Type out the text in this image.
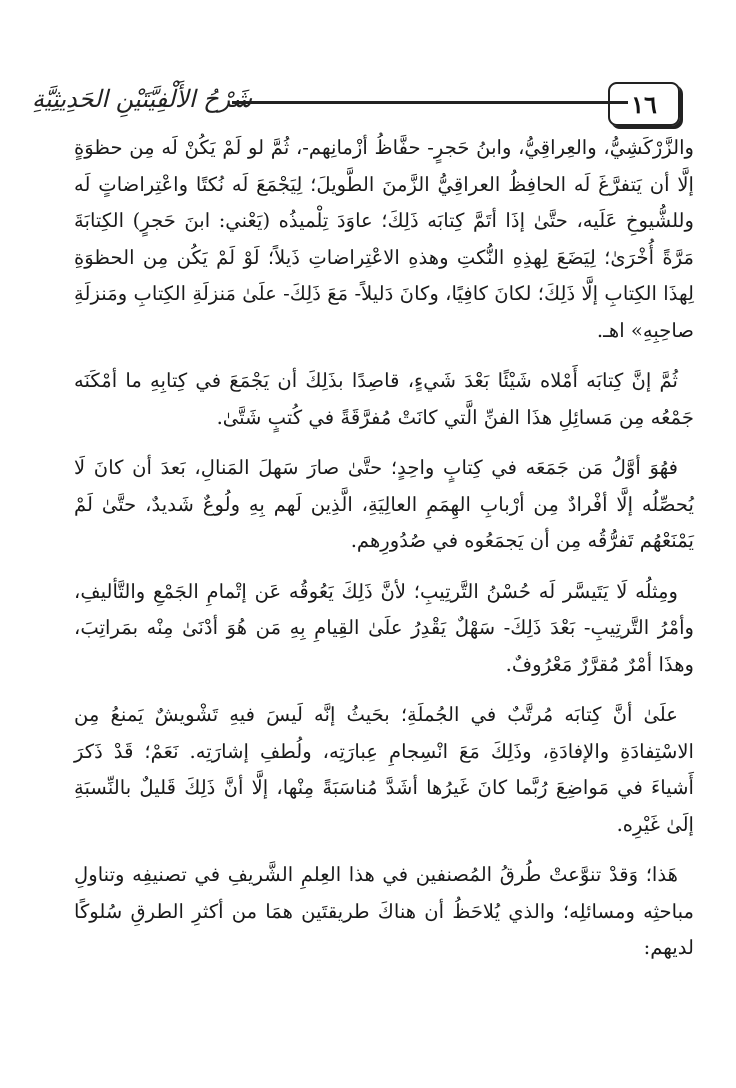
شَرْحُ الأَلْفِيَّتَيْنِ الحَدِيثِيَّةِ	١٦

والزَّرْكَشِيُّ، والعِراقِيُّ، وابنُ حَجرٍ- حفَّاظُ أزْمانِهم-، ثُمَّ لو لَمْ يَكُنْ لَه مِن حظوَةٍ إلَّا أن يَتفرَّغَ لَه الحافِظُ العراقِيُّ الزَّمنَ الطَّويلَ؛ لِيَجْمَعَ لَه نُكتًا واعْتِراضاتٍ لَه وللشُّيوخِ عَلَيه، حتَّىٰ إذَا أتَمَّ كِتابَه ذَلِكَ؛ عاوَدَ تِلْميذُه (يَعْني: ابنَ حَجرٍ) الكِتابَةَ مَرَّةً أُخْرَىٰ؛ لِيَضَعَ لِهذِهِ النُّكتِ وهذهِ الاعْتِراضاتِ ذَيلاً؛ لَوْ لَمْ يَكُن مِن الحظوَةِ لِهذَا الكِتابِ إلَّا ذَلِكَ؛ لكانَ كافِيًا، وكانَ دَليلاً- مَعَ ذَلِكَ- علَىٰ مَنزلَةِ الكِتابِ ومَنزلَةِ صاحِبِهِ» اهـ.

ثُمَّ إنَّ كِتابَه أَمْلاه شَيْئًا بَعْدَ شَيءٍ، قاصِدًا بذَلِكَ أن يَجْمَعَ في كِتابِهِ ما أمْكَنَه جَمْعُه مِن مَسائِلِ هذَا الفنِّ الَّتي كانَتْ مُفرَّقَةً في كُتبٍ شَتَّىٰ.

فهُوَ أوَّلُ مَن جَمَعَه في كِتابٍ واحِدٍ؛ حتَّىٰ صارَ سَهلَ المَنالِ، بَعدَ أن كانَ لَا يُحصِّلُه إلَّا أفْرادٌ مِن أرْبابِ الهِمَمِ العالِيَةِ، الَّذِين لَهم بِهِ ولُوعٌ شَديدٌ، حتَّىٰ لَمْ يَمْنَعْهُم تَفرُّقُه مِن أن يَجمَعُوه في صُدُورِهم.

ومِثلُه لَا يَتَيسَّر لَه حُسْنُ التَّرتِيبِ؛ لأنَّ ذَلِكَ يَعُوقُه عَن إتْمامِ الجَمْعِ والتَّأليفِ، وأمْرُ التَّرتِيبِ- بَعْدَ ذَلِكَ- سَهْلٌ يَقْدِرُ علَىٰ القِيامِ بِهِ مَن هُوَ أدْنَىٰ مِنْه بمَراتِبَ، وهذَا أمْرٌ مُقرَّرٌ مَعْرُوفٌ.

علَىٰ أنَّ كِتابَه مُرتَّبٌ في الجُملَةِ؛ بحَيثُ إنَّه لَيسَ فيهِ تَشْويشٌ يَمنعُ مِن الاسْتِفادَةِ والإفادَةِ، وذَلِكَ مَعَ انْسِجامِ عِبارَتِه، ولُطفِ إشارَتِه. نَعَمْ؛ قَدْ ذَكرَ أَشياءَ في مَواضِعَ رُبَّما كانَ غَيرُها أشَدَّ مُناسَبَةً مِنْها، إلَّا أنَّ ذَلِكَ قَليلٌ بالنِّسبَةِ إلَىٰ غَيْرِه.

هَذا؛ وَقدْ تنوَّعتْ طُرقُ المُصنفين في هذا العِلمِ الشَّريفِ في تصنيفِه وتناولِ مباحثِه ومسائلِه؛ والذي يُلاحَظُ أن هناكَ طريقتَين همَا من أكثرِ الطرقِ سُلوكًا لديهم:
